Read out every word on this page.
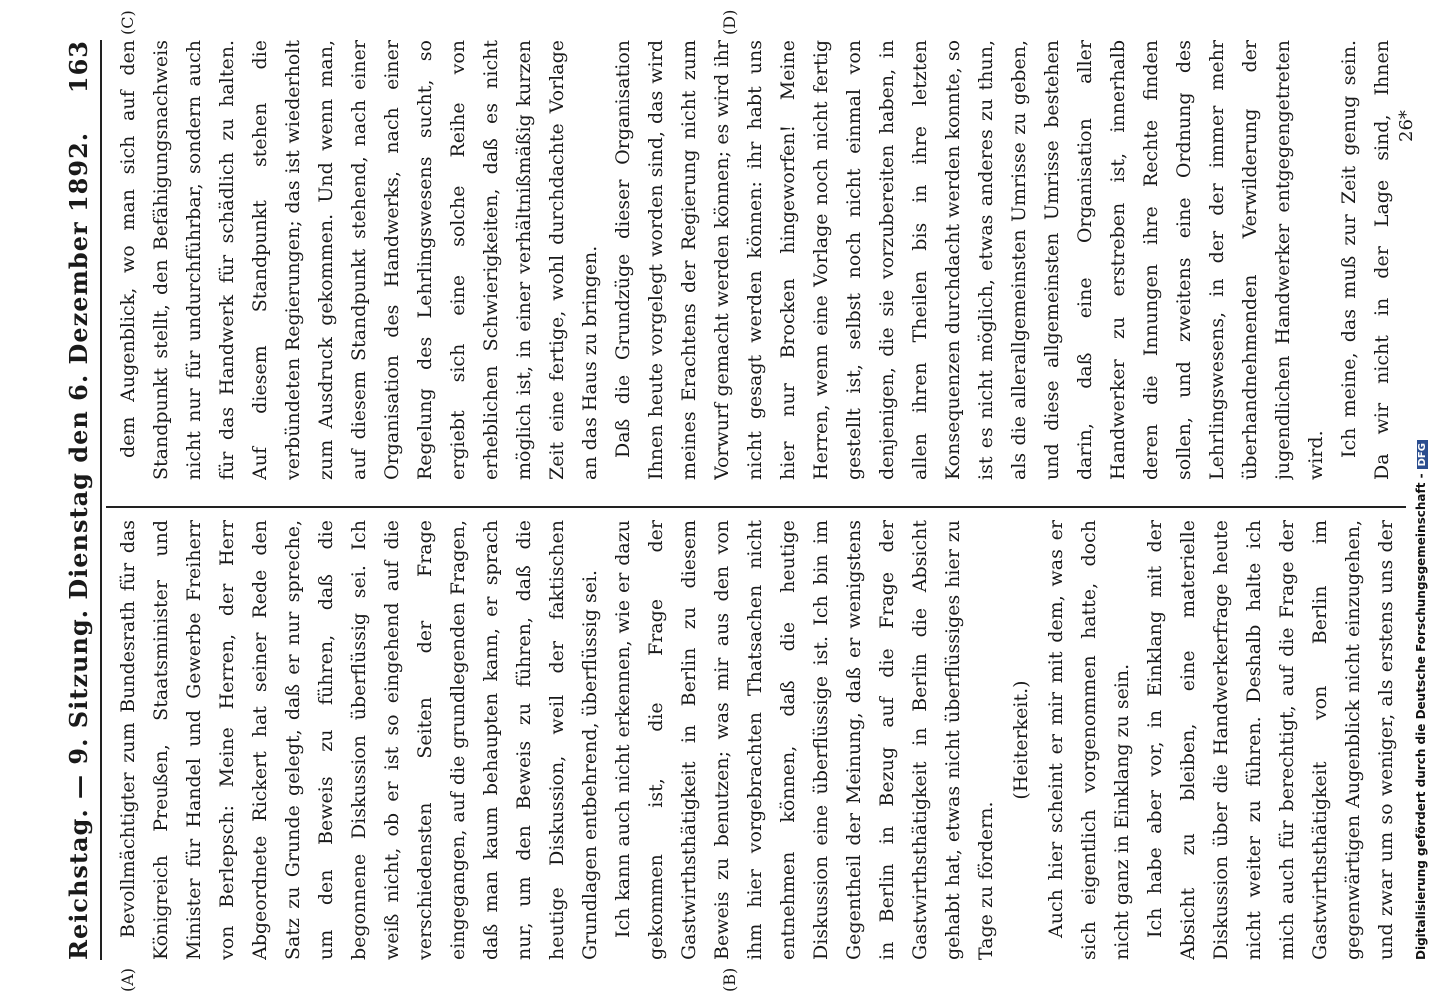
Reichstag. — 9. Sitzung. Dienstag den 6. Dezember 1892.
163
(A)	(B)
(C)	(D)

Bevollmächtigter zum Bundesrath für das Königreich Preußen, Staatsminister und Minister für Handel und Gewerbe Freiherr von Berlepsch: Meine Herren, der Herr Abgeordnete Rickert hat seiner Rede den Satz zu Grunde gelegt, daß er nur spreche, um den Beweis zu führen, daß die begonnene Diskussion überflüssig sei. Ich weiß nicht, ob er ist so eingehend auf die verschiedensten Seiten der Frage eingegangen, auf die grundlegenden Fragen, daß man kaum behaupten kann, er sprach nur, um den Beweis zu führen, daß die heutige Diskussion, weil der faktischen Grundlagen entbehrend, überflüssig sei. Ich kann auch nicht erkennen, wie er dazu gekommen ist, die Frage der Gastwirthsthätigkeit in Berlin zu diesem Beweis zu benutzen; was mir aus den von ihm hier vorgebrachten Thatsachen nicht entnehmen können, daß die heutige Diskussion eine überflüssige ist. Ich bin im Gegentheil der Meinung, daß er wenigstens in Berlin in Bezug auf die Frage der Gastwirthsthätigkeit in Berlin die Absicht gehabt hat, etwas nicht überflüssiges hier zu Tage zu fördern.

(Heiterkeit.) Auch hier scheint er mir mit dem, was er sich eigentlich vorgenommen hatte, doch nicht ganz in Einklang zu sein. Ich habe aber vor, in Einklang mit der Absicht zu bleiben, eine materielle Diskussion über die Handwerkerfrage heute nicht weiter zu führen. Deshalb halte ich mich auch für berechtigt, auf die Frage der Gastwirthsthätigkeit von Berlin im gegenwärtigen Augenblick nicht einzugehen, und zwar um so weniger, als erstens uns der

dem Augenblick, wo man sich auf den Standpunkt stellt, den Befähigungsnachweis nicht nur für undurchführbar, sondern auch für das Handwerk für schädlich zu halten. Auf diesem Standpunkt stehen die verbündeten Regierungen; das ist wiederholt zum Ausdruck gekommen. Und wenn man, auf diesem Standpunkt stehend, nach einer Organisation des Handwerks, nach einer Regelung des Lehrlingswesens sucht, so ergiebt sich eine solche Reihe von erheblichen Schwierigkeiten, daß es nicht möglich ist, in einer verhältnißmäßig kurzen Zeit eine fertige, wohl durchdachte Vorlage an das Haus zu bringen. Daß die Grundzüge dieser Organisation Ihnen heute vorgelegt worden sind, das wird meines Erachtens der Regierung nicht zum Vorwurf gemacht werden können; es wird ihr nicht gesagt werden können: ihr habt uns hier nur Brocken hingeworfen! Meine Herren, wenn eine Vorlage noch nicht fertig gestellt ist, selbst noch nicht einmal von denjenigen, die sie vorzubereiten haben, in allen ihren Theilen bis in ihre letzten Konsequenzen durchdacht werden konnte, so ist es nicht möglich, etwas anderes zu thun, als die allerallgemeinsten Umrisse zu geben, und diese allgemeinsten Umrisse bestehen darin, daß eine Organisation aller Handwerker zu erstreben ist, innerhalb deren die Innungen ihre Rechte finden sollen, und zweitens eine Ordnung des Lehrlingswesens, in der der immer mehr überhandnehmenden Verwilderung der jugendlichen Handwerker entgegengetreten wird. Ich meine, das muß zur Zeit genug sein. Da wir nicht in der Lage sind, Ihnen

26*
Digitalisierung gefördert durch die Deutsche Forschungsgemeinschaft -DFG
